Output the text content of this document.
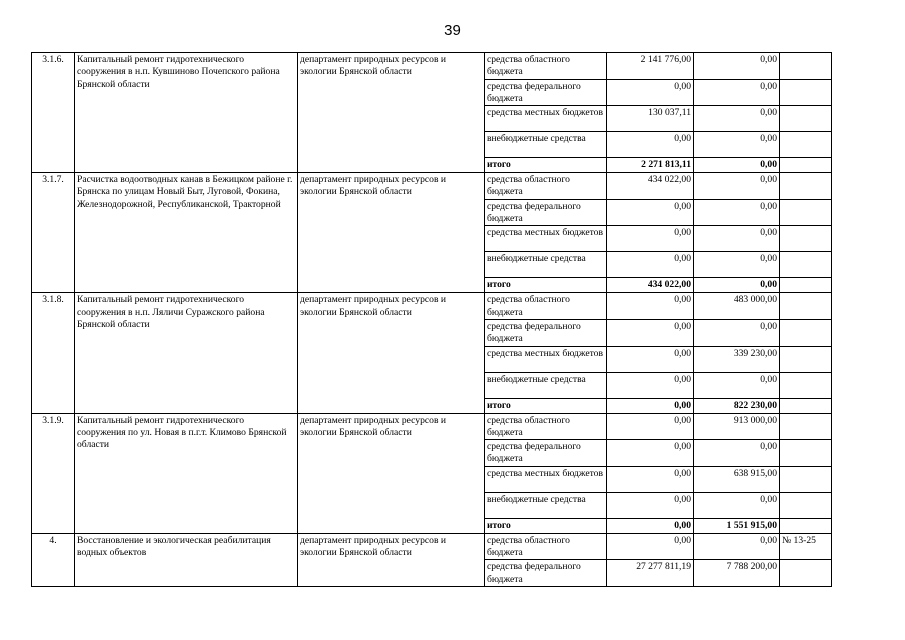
39
3.1.6.	Капитальный ремонт гидротехнического сооружения в н.п. Кувшиново Почепского района Брянской области	департамент природных ресурсов и экологии Брянской области	средства областного бюджета	2 141 776,00	0,00	
			средства федерального бюджета	0,00	0,00	
			средства местных бюджетов	130 037,11	0,00	
			внебюджетные средства	0,00	0,00	
			итого	2 271 813,11	0,00	
3.1.7.	Расчистка водоотводных канав в Бежицком районе г. Брянска по улицам Новый Быт, Луговой, Фокина, Железнодорожной, Республиканской, Тракторной	департамент природных ресурсов и экологии Брянской области	средства областного бюджета	434 022,00	0,00	
			средства федерального бюджета	0,00	0,00	
			средства местных бюджетов	0,00	0,00	
			внебюджетные средства	0,00	0,00	
			итого	434 022,00	0,00	
3.1.8.	Капитальный ремонт гидротехнического сооружения в н.п. Ляличи Суражского района Брянской области	департамент природных ресурсов и экологии Брянской области	средства областного бюджета	0,00	483 000,00	
			средства федерального бюджета	0,00	0,00	
			средства местных бюджетов	0,00	339 230,00	
			внебюджетные средства	0,00	0,00	
			итого	0,00	822 230,00	
3.1.9.	Капитальный ремонт гидротехнического сооружения по ул. Новая в п.г.т. Климово Брянской области	департамент природных ресурсов и экологии Брянской области	средства областного бюджета	0,00	913 000,00	
			средства федерального бюджета	0,00	0,00	
			средства местных бюджетов	0,00	638 915,00	
			внебюджетные средства	0,00	0,00	
			итого	0,00	1 551 915,00	
4.	Восстановление и экологическая реабилитация водных объектов	департамент природных ресурсов и экологии Брянской области	средства областного бюджета	0,00	0,00	№ 13-25
			средства федерального бюджета	27 277 811,19	7 788 200,00	
